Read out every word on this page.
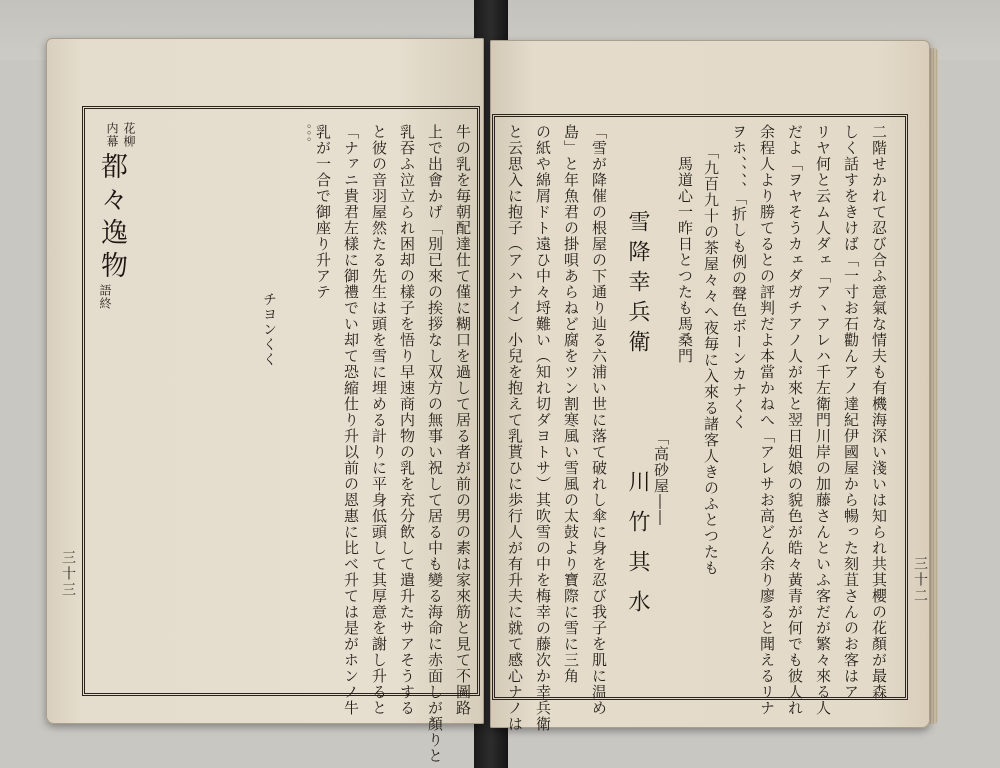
花柳
内幕
都々逸物
語終	チヨンくく
三十三	牛の乳を毎朝配達仕て僅に糊口を過して居る者が前の男の素は家來筋と見て不圖路
上で出會かげ「別已來の挨拶なし双方の無事い祝して居る中も變る海命に赤面しが顏りと
乳吞ふ泣立られ困却の樣子を悟り早速商内物の乳を充分飲して遣升たサアそうする
と彼の音羽屋然たる先生は頭を雪に埋める計りに平身低頭して其厚意を謝し升ると
「ナァニ貴君左樣に御禮でい却て恐縮仕り升以前の恩惠に比べ升ては是がホンノ牛
乳が一合で御座り升アテ
。。。	二階せかれて忍び合ふ意氣な情夫も有機海深い淺いは知られ共其櫻の花顏が最森
しく話すをきけば「一寸お石勸んアノ達紀伊國屋から暢った刻苴さんのお客はア
リヤ何と云ム人ダェ「アヽアレハ千左衛門川岸の加藤さんといふ客だが繁々來る人
だよ「ヲヤそうカェダガチアノ人が來と翌日姐娘の貌色が皓々黃青が何でも彼人れ
余程人より勝てるとの評判だよ本當かねへ「アレサお高どん余り廖ると聞えるリナ
ヲホ、、、、「折しも例の聲色ボーンカナくく
「九百九十の茶屋々々へ夜毎に入來る諸客人きのふとつたも
馬道心一昨日とつたも馬桑門
「高砂屋――
雪降幸兵衛
川竹其水
「雪が降催の根屋の下通り辿る六浦い世に落て破れし傘に身を忍び我子を肌に温め
島」と年魚君の掛唄あらねど腐をツン割寒風い雪風の太鼓より寶際に雪に三角
の紙や綿屑ドト遠ひ中々埒難い（知れ切ダヨトサ）其吹雪の中を梅幸の藤次か幸兵衛
と云思入に抱子（アハナイ）小兒を抱えて乳貰ひに歩行人が有升夫に就て感心ナノは	三十二
